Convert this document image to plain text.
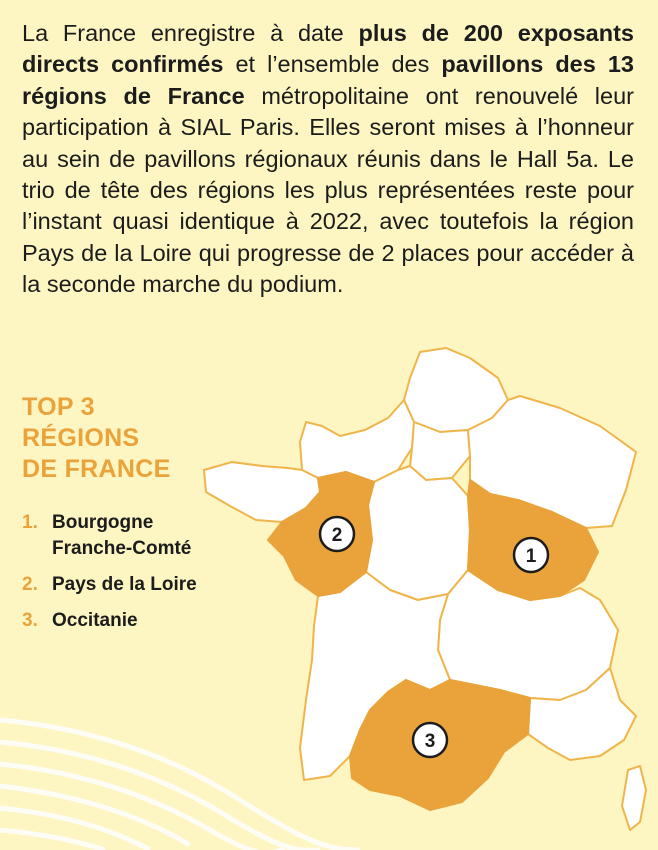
La France enregistre à date plus de 200 exposants directs confirmés et l’ensemble des pavillons des 13 régions de France métropolitaine ont renouvelé leur participation à SIAL Paris. Elles seront mises à l’honneur au sein de pavillons régionaux réunis dans le Hall 5a. Le trio de tête des régions les plus représentées reste pour l’instant quasi identique à 2022, avec toutefois la région Pays de la Loire qui progresse de 2 places pour accéder à la seconde marche du podium.

1
2
3
TOP 3
RÉGIONS
DE FRANCE
1. Bourgogne
Franche-Comté
2. Pays de la Loire
3. Occitanie
